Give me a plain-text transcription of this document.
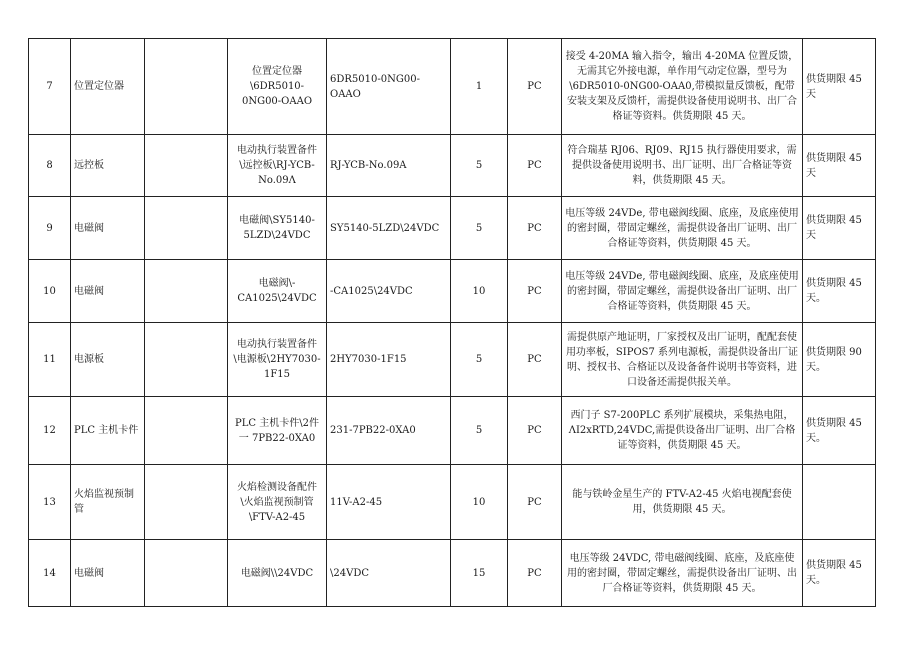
7	位置定位器		位置定位器\6DR5010-0NG00-OAAO	6DR5010-0NG00-OAAO	1	PC	接受 4-20MA 输入指令，输出 4-20MA 位置反馈，无需其它外接电源，单作用气动定位器，型号为\6DR5010-0NG00-OAA0,带模拟量反馈板，配带安装支架及反馈杆，需提供设备使用说明书、出厂合格证等资料。供货期限 45 天。	供货期限 45 天
8	远控板		电动执行装置备件\远控板\RJ-YCB-No.09Λ	RJ-YCB-No.09A	5	PC	符合瑞基 RJ06、RJ09、RJ15 执行器使用要求，需提供设备使用说明书、出厂证明、出厂合格证等资料，供货期限 45 天。	供货期限 45 天
9	电磁阀		电磁阀\SY5140-5LZD\24VDC	SY5140-5LZD\24VDC	5	PC	电压等级 24VDe, 带电磁阀线圈、底座，及底座使用的密封圈，带固定螺丝，需提供设备出厂证明、出厂合格证等资料，供货期限 45 天。	供货期限 45 天
10	电磁阀		电磁阀\-CA1025\24VDC	-CA1025\24VDC	10	PC	电压等级 24VDe, 带电磁阀线圈、底座，及底座使用的密封圈，带固定螺丝，需提供设备出厂证明、出厂合格证等资料，供货期限 45 天。	供货期限 45 天。
11	电源板		电动执行装置备件\电源板\2HY7030-1F15	2HY7030-1F15	5	PC	需提供原产地证明，厂家授权及出厂证明，配配套使用功率板，SIPOS7 系列电源板，需提供设备出厂证明、授权书、合格证以及设备备件说明书等资料，进口设备还需提供报关单。	供货期限 90 天。
12	PLC 主机卡件		PLC 主机卡件\2件一 7PB22-0XA0	231-7PB22-0XA0	5	PC	西门子 S7-200PLC 系列扩展模块，采集热电阻，ΛI2xRTD,24VDC,需提供设备出厂证明、出厂合格证等资料，供货期限 45 天。	供货期限 45 天。
13	火焰监视预制管		火焰检测设备配件\火焰监视预制管\FTV-A2-45	11V-A2-45	10	PC	能与铁岭金星生产的 FTV-A2-45 火焰电视配套使用，供货期限 45 天。	
14	电磁阀		电磁阀\\24VDC	\24VDC	15	PC	电压等级 24VDC, 带电磁阀线圈、底座，及底座使用的密封圈，带固定螺丝，需提供设备出厂证明、出厂合格证等资料，供货期限 45 天。	供货期限 45 天。
